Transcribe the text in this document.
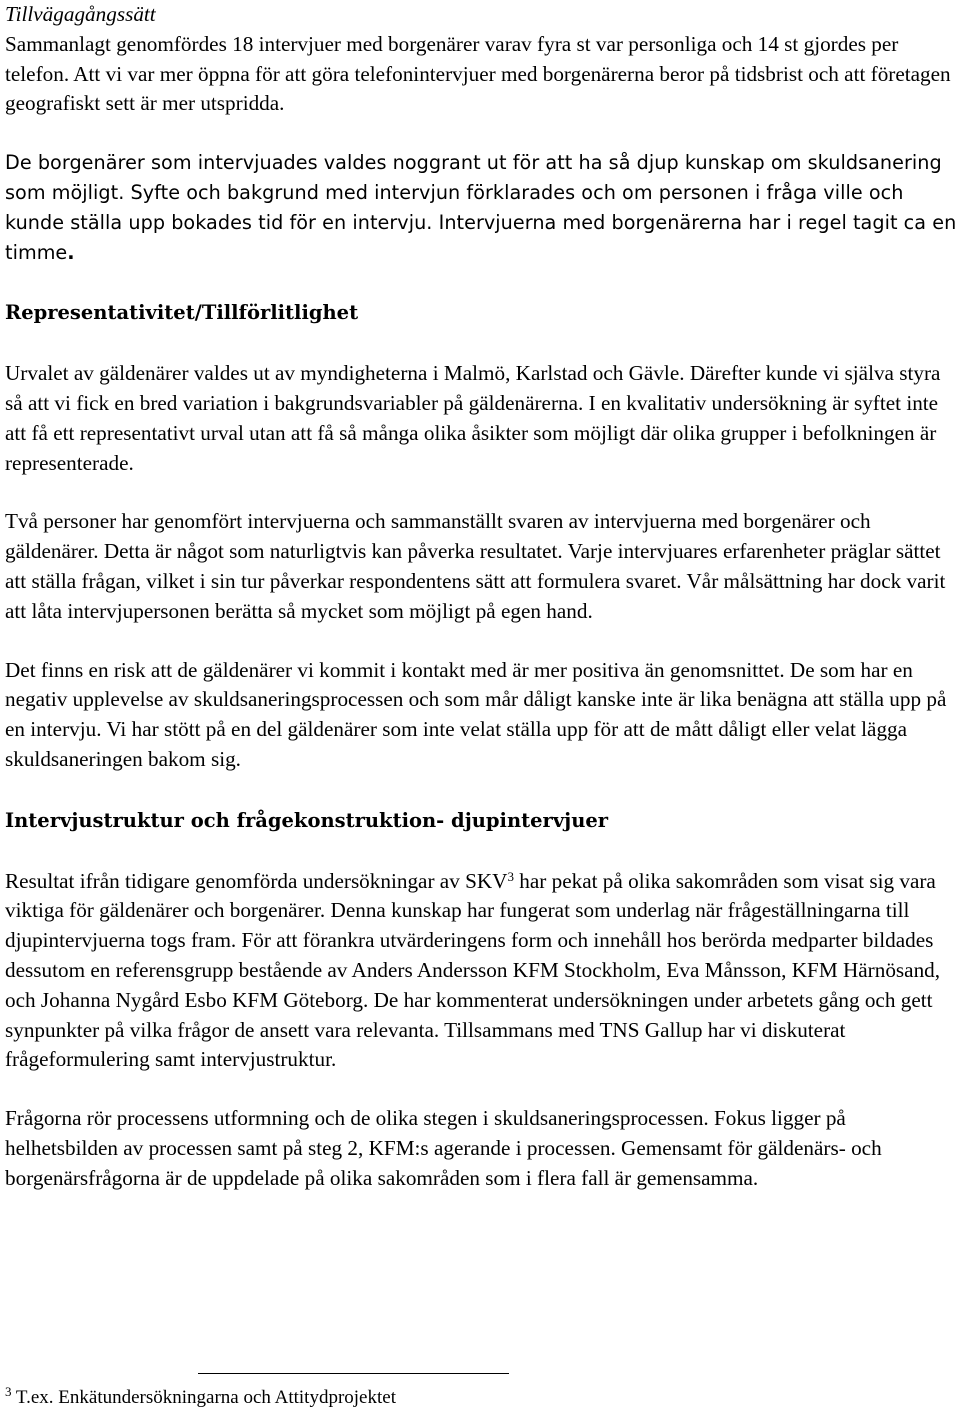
Tillvägagångssätt

Sammanlagt genomfördes 18 intervjuer med borgenärer varav fyra st var personliga och 14 st gjordes per telefon. Att vi var mer öppna för att göra telefonintervjuer med borgenärerna beror på tidsbrist och att företagen geografiskt sett är mer utspridda.

De borgenärer som intervjuades valdes noggrant ut för att ha så djup kunskap om skuldsanering som möjligt. Syfte och bakgrund med intervjun förklarades och om personen i fråga ville och kunde ställa upp bokades tid för en intervju. Intervjuerna med borgenärerna har i regel tagit ca en timme.

Representativitet/Tillförlitlighet

Urvalet av gäldenärer valdes ut av myndigheterna i Malmö, Karlstad och Gävle. Därefter kunde vi själva styra så att vi fick en bred variation i bakgrundsvariabler på gäldenärerna. I en kvalitativ undersökning är syftet inte att få ett representativt urval utan att få så många olika åsikter som möjligt där olika grupper i befolkningen är representerade.

Två personer har genomfört intervjuerna och sammanställt svaren av intervjuerna med borgenärer och gäldenärer. Detta är något som naturligtvis kan påverka resultatet. Varje intervjuares erfarenheter präglar sättet att ställa frågan, vilket i sin tur påverkar respondentens sätt att formulera svaret. Vår målsättning har dock varit att låta intervjupersonen berätta så mycket som möjligt på egen hand.

Det finns en risk att de gäldenärer vi kommit i kontakt med är mer positiva än genomsnittet. De som har en negativ upplevelse av skuldsaneringsprocessen och som mår dåligt kanske inte är lika benägna att ställa upp på en intervju. Vi har stött på en del gäldenärer som inte velat ställa upp för att de mått dåligt eller velat lägga skuldsaneringen bakom sig.

Intervjustruktur och frågekonstruktion- djupintervjuer

Resultat ifrån tidigare genomförda undersökningar av SKV$^3$ har pekat på olika sakområden som visat sig vara viktiga för gäldenärer och borgenärer. Denna kunskap har fungerat som underlag när frågeställningarna till djupintervjuerna togs fram. För att förankra utvärderingens form och innehåll hos berörda medparter bildades dessutom en referensgrupp bestående av Anders Andersson KFM Stockholm, Eva Månsson, KFM Härnösand, och Johanna Nygård Esbo KFM Göteborg. De har kommenterat undersökningen under arbetets gång och gett synpunkter på vilka frågor de ansett vara relevanta. Tillsammans med TNS Gallup har vi diskuterat frågeformulering samt intervjustruktur.

Frågorna rör processens utformning och de olika stegen i skuldsaneringsprocessen. Fokus ligger på helhetsbilden av processen samt på steg 2, KFM:s agerande i processen. Gemensamt för gäldenärs- och borgenärsfrågorna är de uppdelade på olika sakområden som i flera fall är gemensamma.

$^3$ T.ex. Enkätundersökningarna och Attitydprojektet
